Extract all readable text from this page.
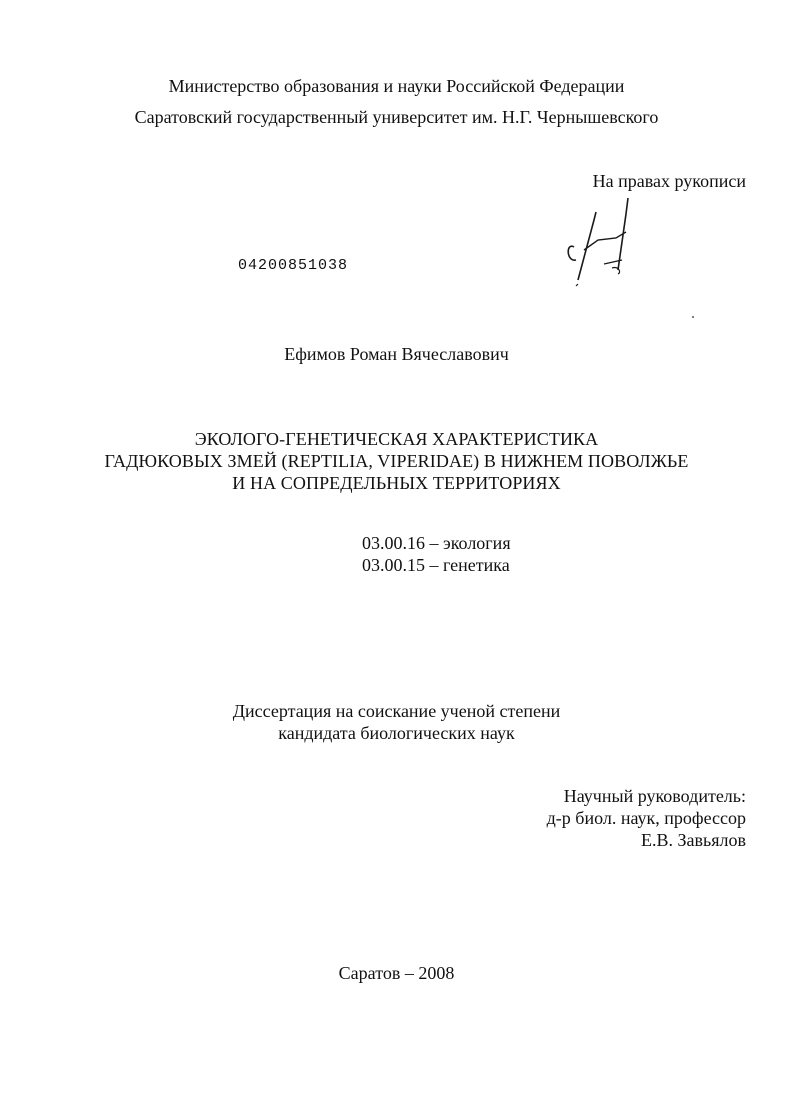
Министерство образования и науки Российской Федерации
Саратовский государственный университет им. Н.Г. Чернышевского
На правах рукописи
04200851038
Ефимов Роман Вячеславович
ЭКОЛОГО-ГЕНЕТИЧЕСКАЯ ХАРАКТЕРИСТИКА
ГАДЮКОВЫХ ЗМЕЙ (REPTILIA, VIPERIDAE) В НИЖНЕМ ПОВОЛЖЬЕ
И НА СОПРЕДЕЛЬНЫХ ТЕРРИТОРИЯХ
03.00.16 – экология
03.00.15 – генетика
Диссертация на соискание ученой степени
кандидата биологических наук
Научный руководитель:
д-р биол. наук, профессор
Е.В. Завьялов
Саратов – 2008
